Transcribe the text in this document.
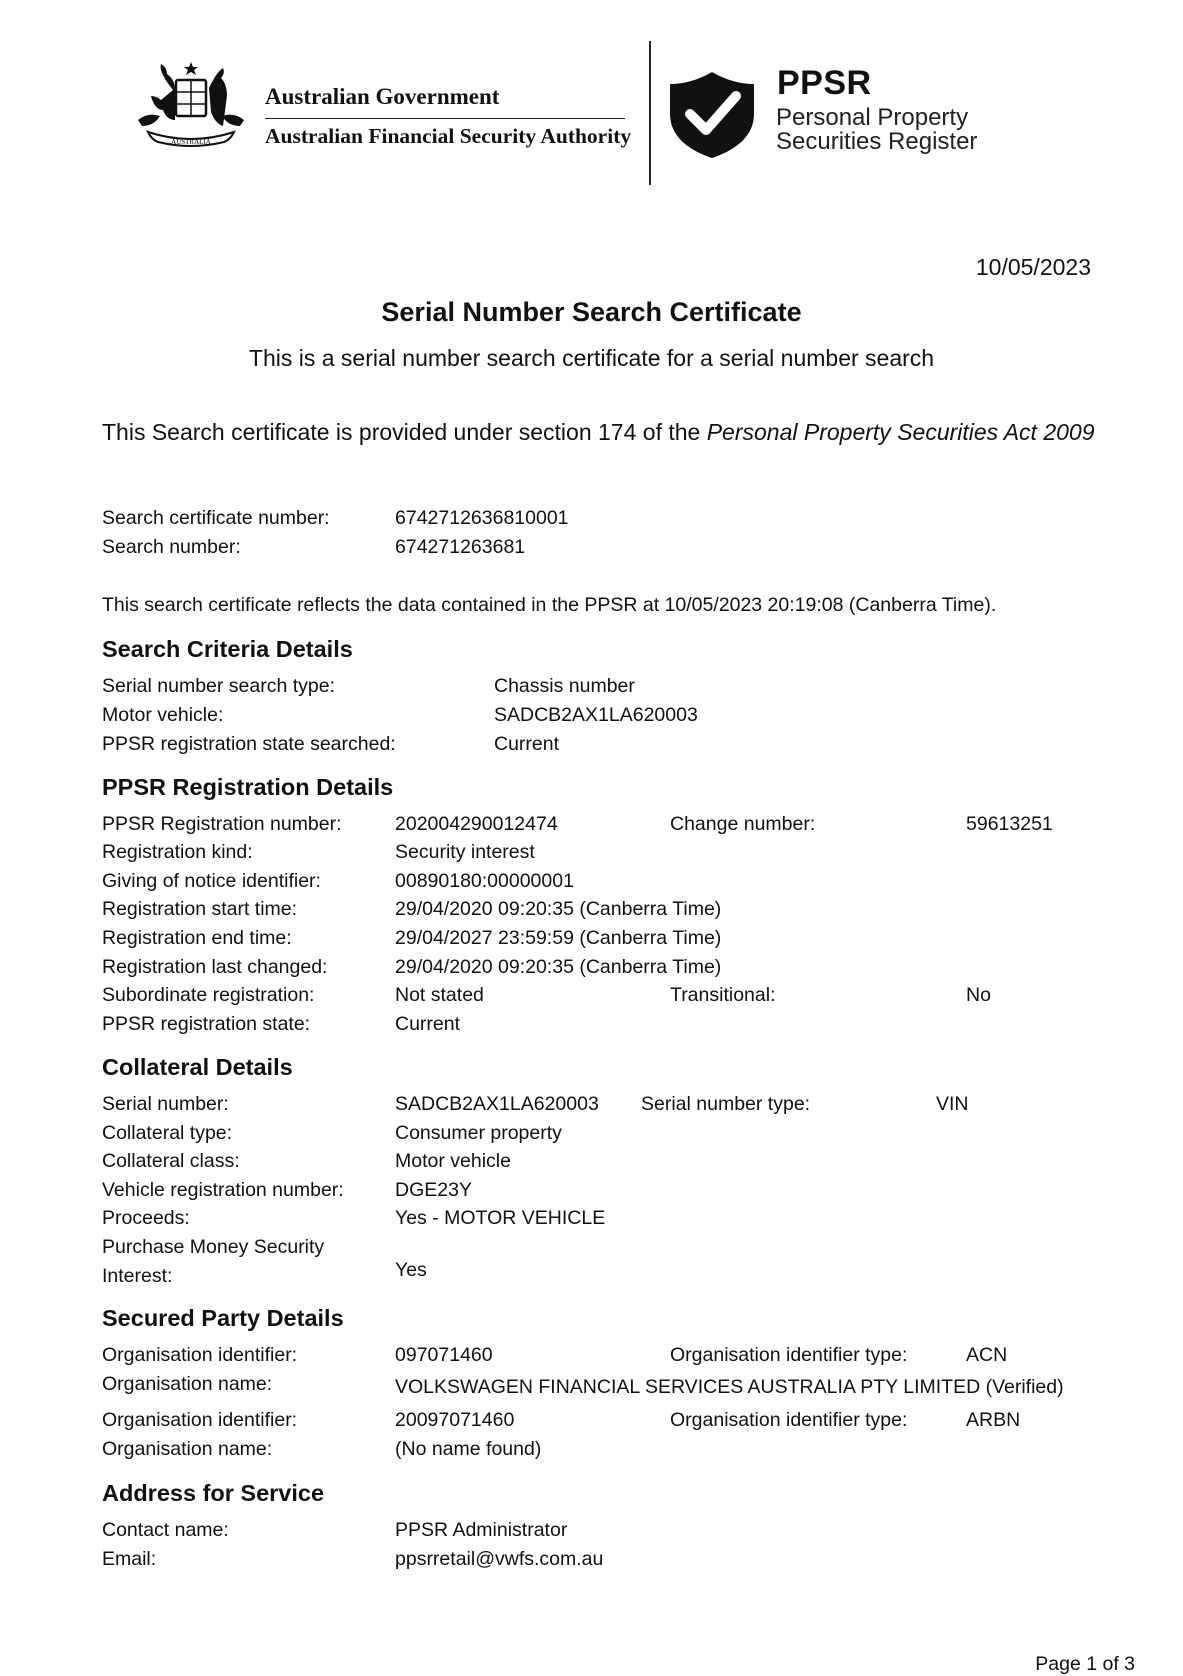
AUSTRALIA
Australian Government
Australian Financial Security Authority
PPSR
Personal Property
Securities Register
10/05/2023
Serial Number Search Certificate
This is a serial number search certificate for a serial number search
This Search certificate is provided under section 174 of the Personal Property Securities Act 2009
Search certificate number:	6742712636810001
Search number:	674271263681
This search certificate reflects the data contained in the PPSR at 10/05/2023 20:19:08 (Canberra Time).
Search Criteria Details
Serial number search type:	Chassis number
Motor vehicle:	SADCB2AX1LA620003
PPSR registration state searched:	Current
PPSR Registration Details
PPSR Registration number:	202004290012474	Change number:	59613251
Registration kind:	Security interest
Giving of notice identifier:	00890180:00000001
Registration start time:	29/04/2020 09:20:35 (Canberra Time)
Registration end time:	29/04/2027 23:59:59 (Canberra Time)
Registration last changed:	29/04/2020 09:20:35 (Canberra Time)
Subordinate registration:	Not stated	Transitional:	No
PPSR registration state:	Current
Collateral Details
Serial number:	SADCB2AX1LA620003 Serial number type:	VIN
Collateral type:	Consumer property
Collateral class:	Motor vehicle
Vehicle registration number:	DGE23Y
Proceeds:	Yes - MOTOR VEHICLE
Purchase Money Security
Interest:	Yes
Secured Party Details
Organisation identifier:	097071460	Organisation identifier type:	ACN
Organisation name:	VOLKSWAGEN FINANCIAL SERVICES AUSTRALIA PTY LIMITED (Verified)
Organisation identifier:	20097071460	Organisation identifier type:	ARBN
Organisation name:	(No name found)
Address for Service
Contact name:	PPSR Administrator
Email:	ppsrretail@vwfs.com.au
Page 1 of 3
